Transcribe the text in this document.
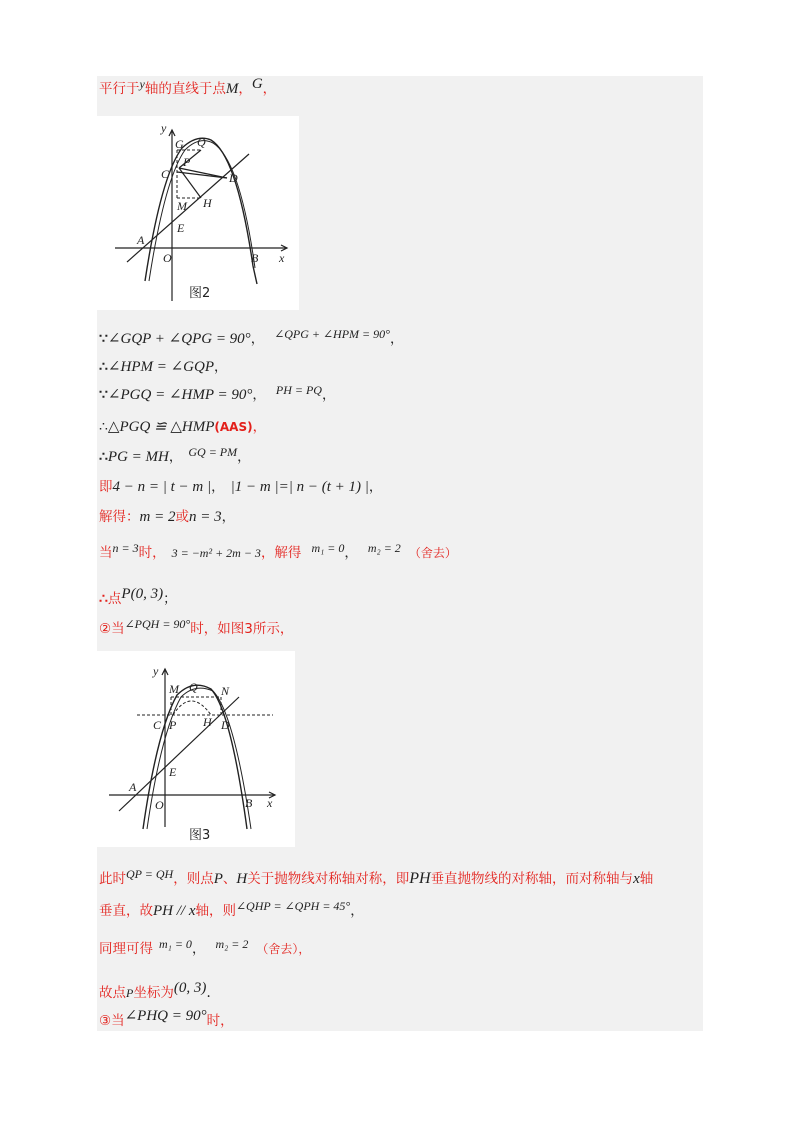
平行于y轴的直线于点M，G，
y
x
G Q
P
C	D
M H
E
A
O	B
图2
∵∠GQP + ∠QPG = 90°， ∠QPG + ∠HPM = 90°，
∴∠HPM = ∠GQP，
∵∠PGQ = ∠HMP = 90°， PH = PQ，
∴△PGQ ≌ △HMP(AAS)，
∴PG = MH， GQ = PM，
即4 − n = | t − m |， |1 − m |=| n − (t + 1) |，
解得：m = 2或n = 3，
当n = 3时， 3 = −m² + 2m − 3，解得 m₁ = 0， m₂ = 2 （舍去）
∴点P(0, 3)；
②当∠PQH = 90°时，如图3所示，
y
x
M Q N
C P H D
E
A
O	B
图3
此时QP = QH，则点P、H关于抛物线对称轴对称，即PH垂直抛物线的对称轴，而对称轴与x轴
垂直，故PH // x轴，则∠QHP = ∠QPH = 45°，
同理可得 m₁ = 0， m₂ = 2 （舍去），
故点P坐标为(0, 3).
③当∠PHQ = 90°时，
